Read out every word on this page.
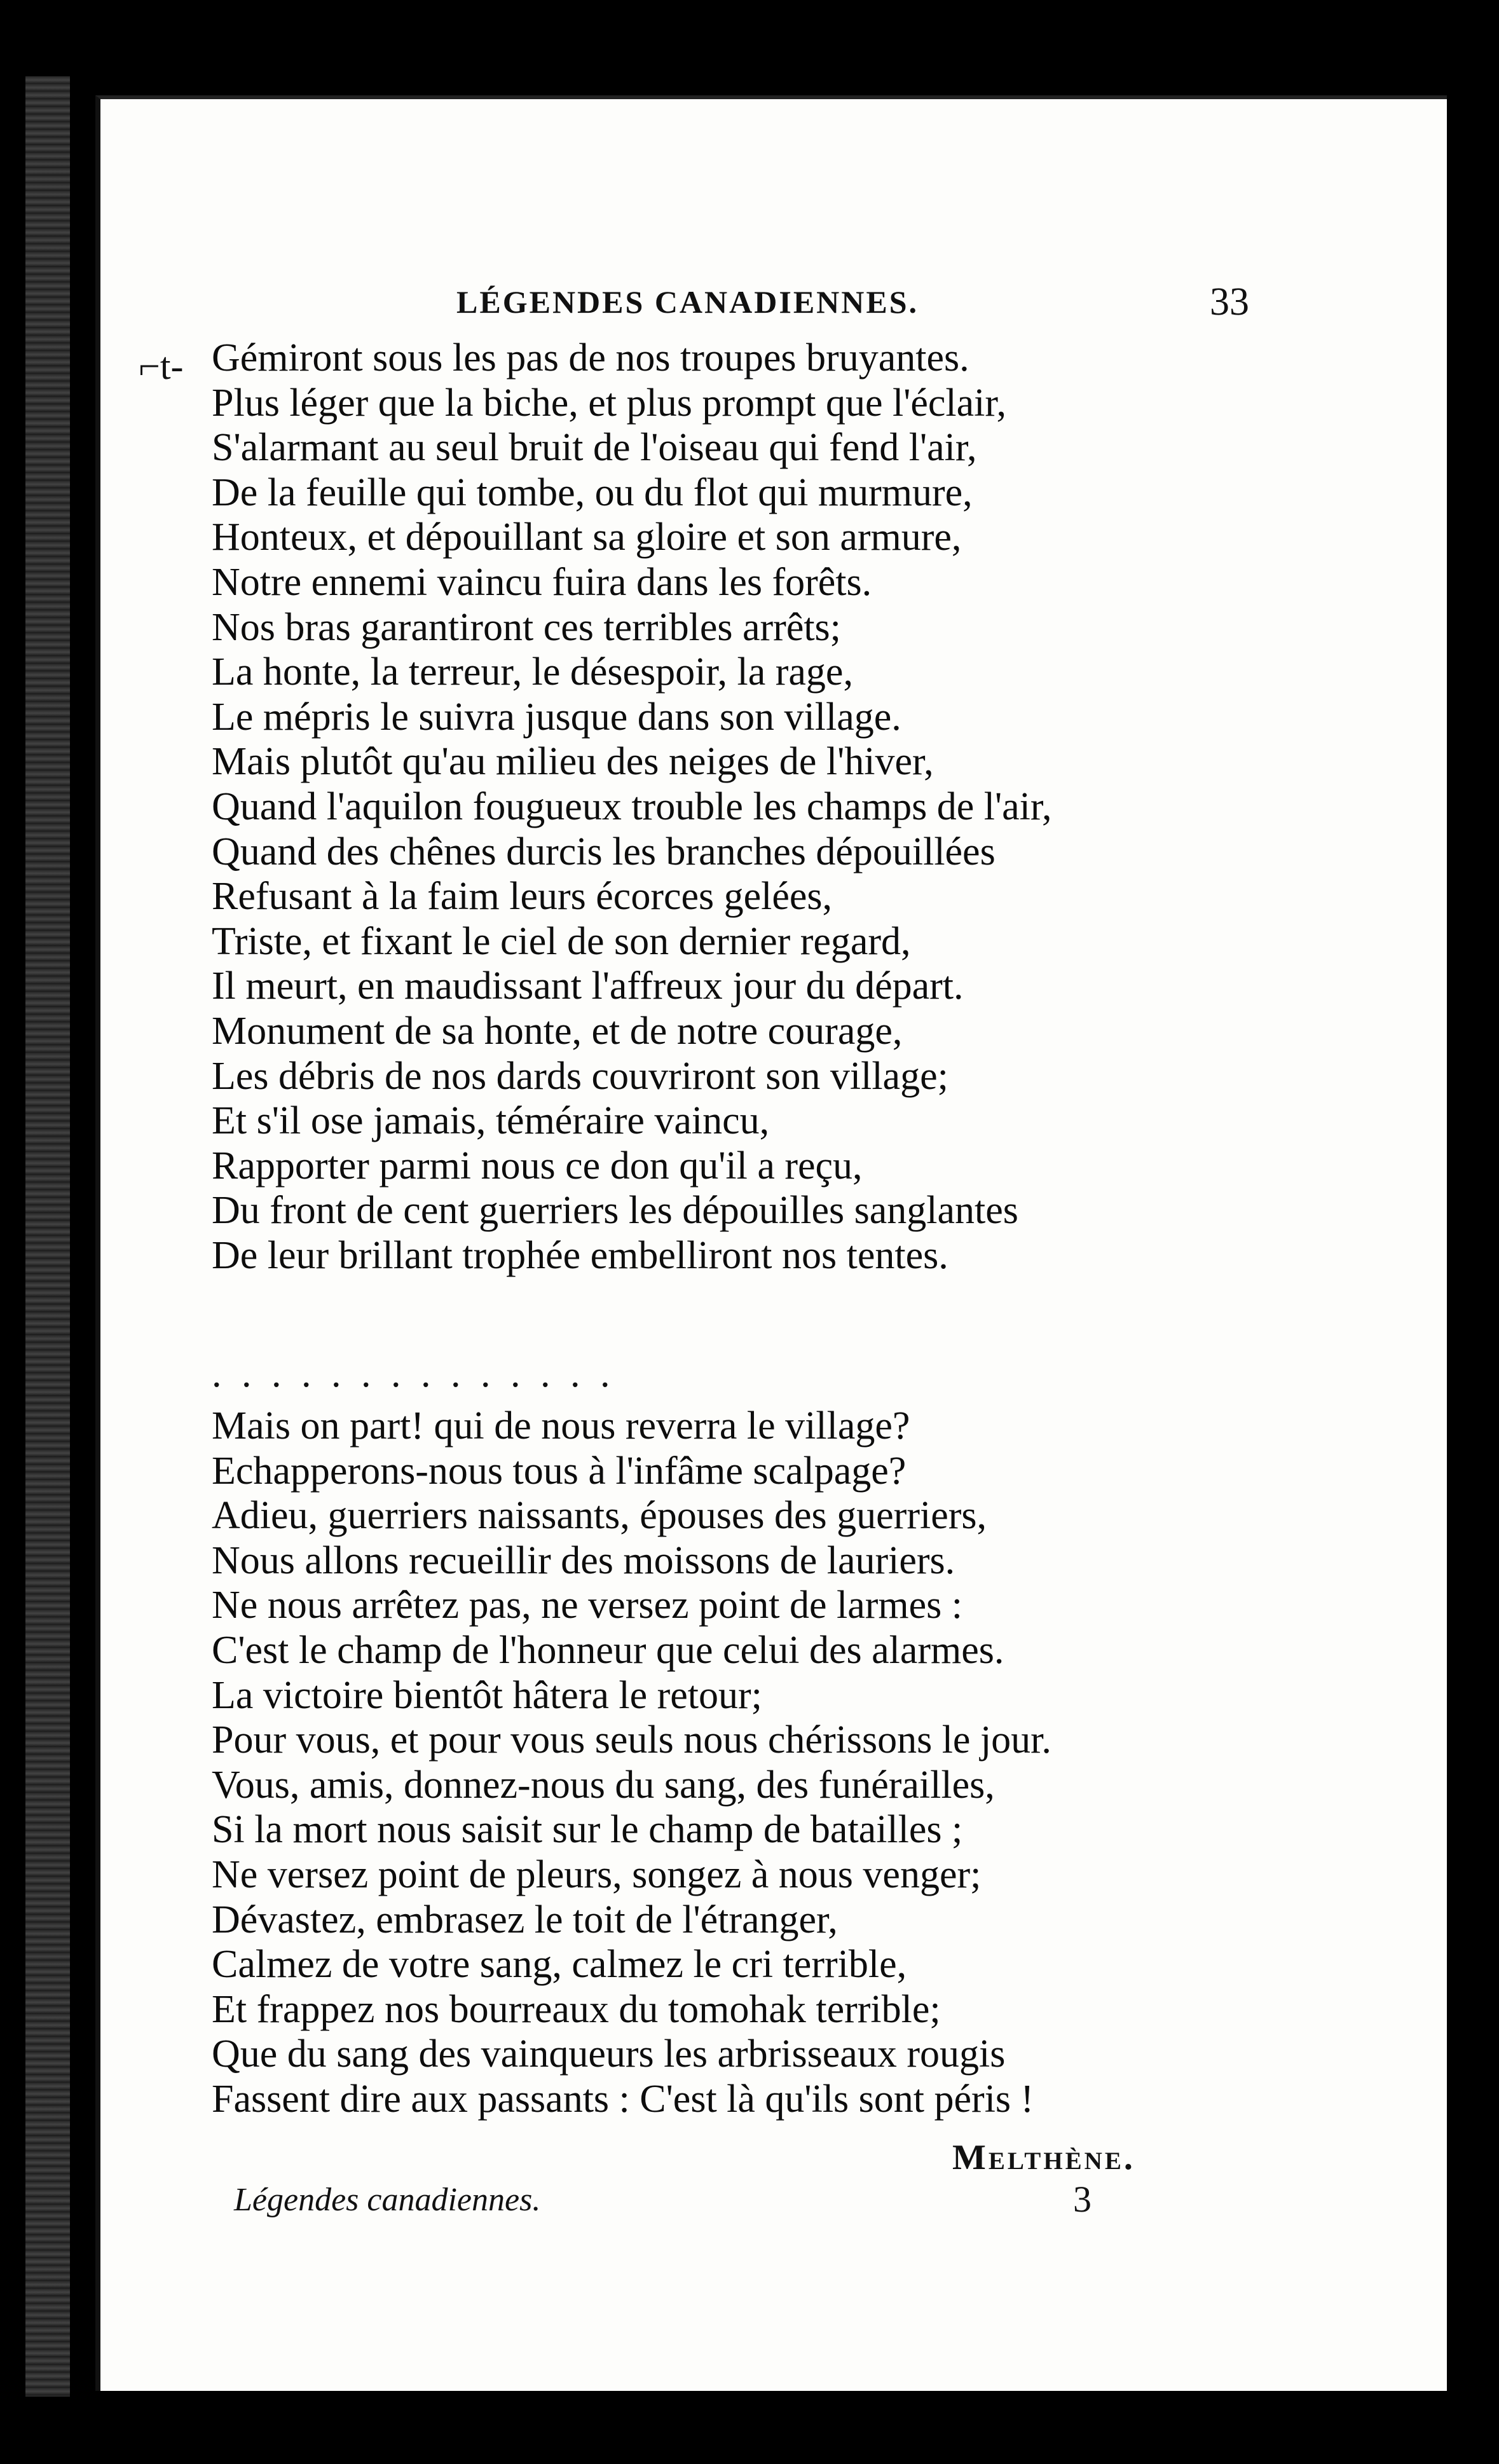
LÉGENDES CANADIENNES.	33
⌐t- Gémiront sous les pas de nos troupes bruyantes.
Plus léger que la biche, et plus prompt que l'éclair,
S'alarmant au seul bruit de l'oiseau qui fend l'air,
De la feuille qui tombe, ou du flot qui murmure,
Honteux, et dépouillant sa gloire et son armure,
Notre ennemi vaincu fuira dans les forêts.
Nos bras garantiront ces terribles arrêts;
La honte, la terreur, le désespoir, la rage,
Le mépris le suivra jusque dans son village.
Mais plutôt qu'au milieu des neiges de l'hiver,
Quand l'aquilon fougueux trouble les champs de l'air,
Quand des chênes durcis les branches dépouillées
Refusant à la faim leurs écorces gelées,
Triste, et fixant le ciel de son dernier regard,
Il meurt, en maudissant l'affreux jour du départ.
Monument de sa honte, et de notre courage,
Les débris de nos dards couvriront son village;
Et s'il ose jamais, téméraire vaincu,
Rapporter parmi nous ce don qu'il a reçu,
Du front de cent guerriers les dépouilles sanglantes
De leur brillant trophée embelliront nos tentes.
. . . . . . . . . . . . . .
Mais on part! qui de nous reverra le village?
Echapperons-nous tous à l'infâme scalpage?
Adieu, guerriers naissants, épouses des guerriers,
Nous allons recueillir des moissons de lauriers.
Ne nous arrêtez pas, ne versez point de larmes :
C'est le champ de l'honneur que celui des alarmes.
La victoire bientôt hâtera le retour;
Pour vous, et pour vous seuls nous chérissons le jour.
Vous, amis, donnez-nous du sang, des funérailles,
Si la mort nous saisit sur le champ de batailles ;
Ne versez point de pleurs, songez à nous venger;
Dévastez, embrasez le toit de l'étranger,
Calmez de votre sang, calmez le cri terrible,
Et frappez nos bourreaux du tomohak terrible;
Que du sang des vainqueurs les arbrisseaux rougis
Fassent dire aux passants : C'est là qu'ils sont péris !
Melthène.
Légendes canadiennes.	3
